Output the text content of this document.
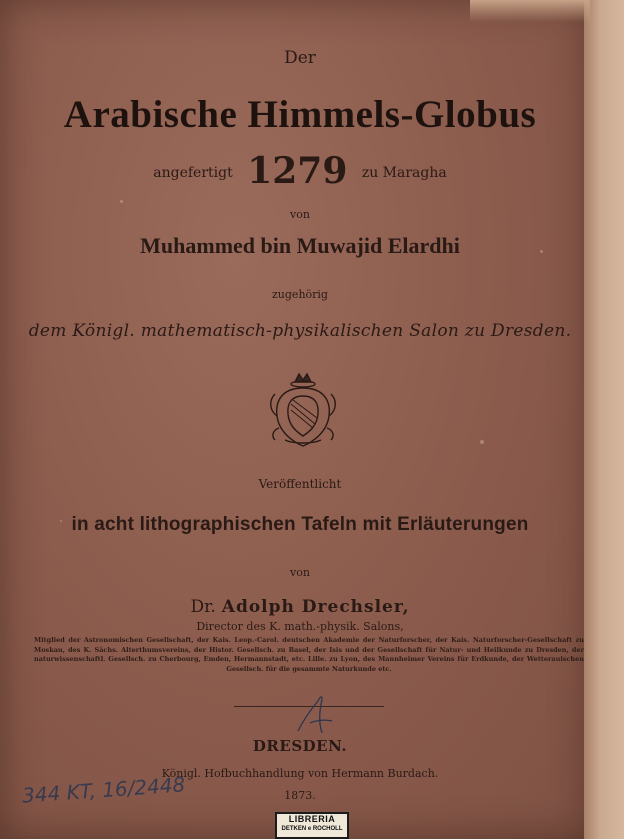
Der
Arabische Himmels-Globus
angefertigt 1279 zu Maragha
von
Muhammed bin Muwajid Elardhi
zugehörig
dem Königl. mathematisch-physikalischen Salon zu Dresden.
Veröffentlicht
in acht lithographischen Tafeln mit Erläuterungen
von
Dr. Adolph Drechsler,
Director des K. math.-physik. Salons,
Mitglied der Astronomischen Gesellschaft, der Kais. Leop.-Carol. deutschen Akademie der Naturforscher, der Kais. Naturforscher-Gesellschaft zu Moskau, des K. Sächs. Alterthumsvereins, der Histor. Gesellsch. zu Basel, der Isis und der Gesellschaft für Natur- und Heilkunde zu Dresden, der naturwissenschaftl. Gesellsch. zu Cherbourg, Emden, Hermannstadt, etc. Lille. zu Lyon, des Mannheimer Vereins für Erdkunde, der Wetterauischen Gesellsch. für die gesammte Naturkunde etc.
DRESDEN.
Königl. Hofbuchhandlung von Hermann Burdach.
1873.
344 KT, 16/2448
LIBRERIA
DETKEN e ROCHOLL
